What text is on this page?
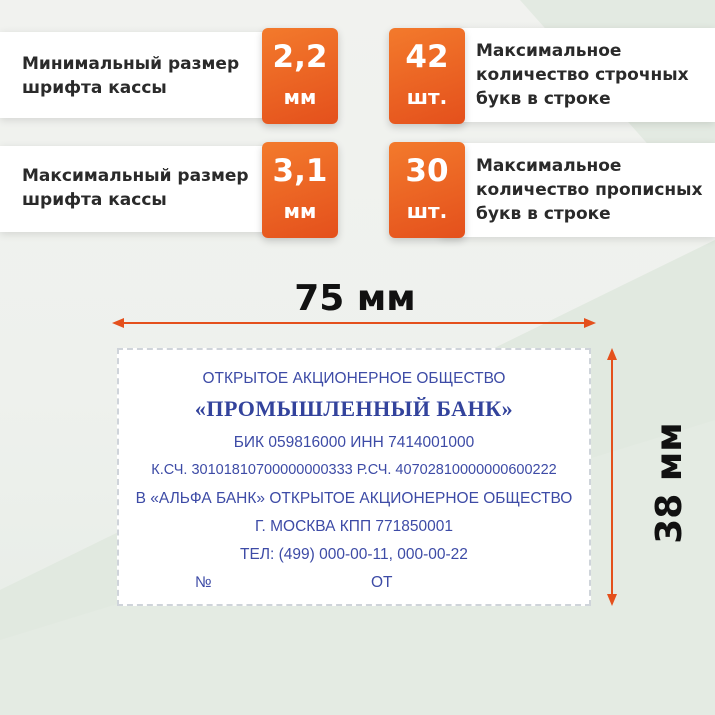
Минимальный размер
шрифта кассы
2,2
мм
42
шт.
Максимальное
количество строчных
букв в строке
Максимальный размер
шрифта кассы
3,1
мм
30
шт.
Максимальное
количество прописных
букв в строке
75 мм
38 мм
ОТКРЫТОЕ АКЦИОНЕРНОЕ ОБЩЕСТВО
«ПРОМЫШЛЕННЫЙ БАНК»
БИК 059816000 ИНН 7414001000
К.СЧ. 30101810700000000333 Р.СЧ. 40702810000000600222
В «АЛЬФА БАНК» ОТКРЫТОЕ АКЦИОНЕРНОЕ ОБЩЕСТВО
Г. МОСКВА КПП 771850001
ТЕЛ: (499) 000-00-11, 000-00-22
№	ОТ
